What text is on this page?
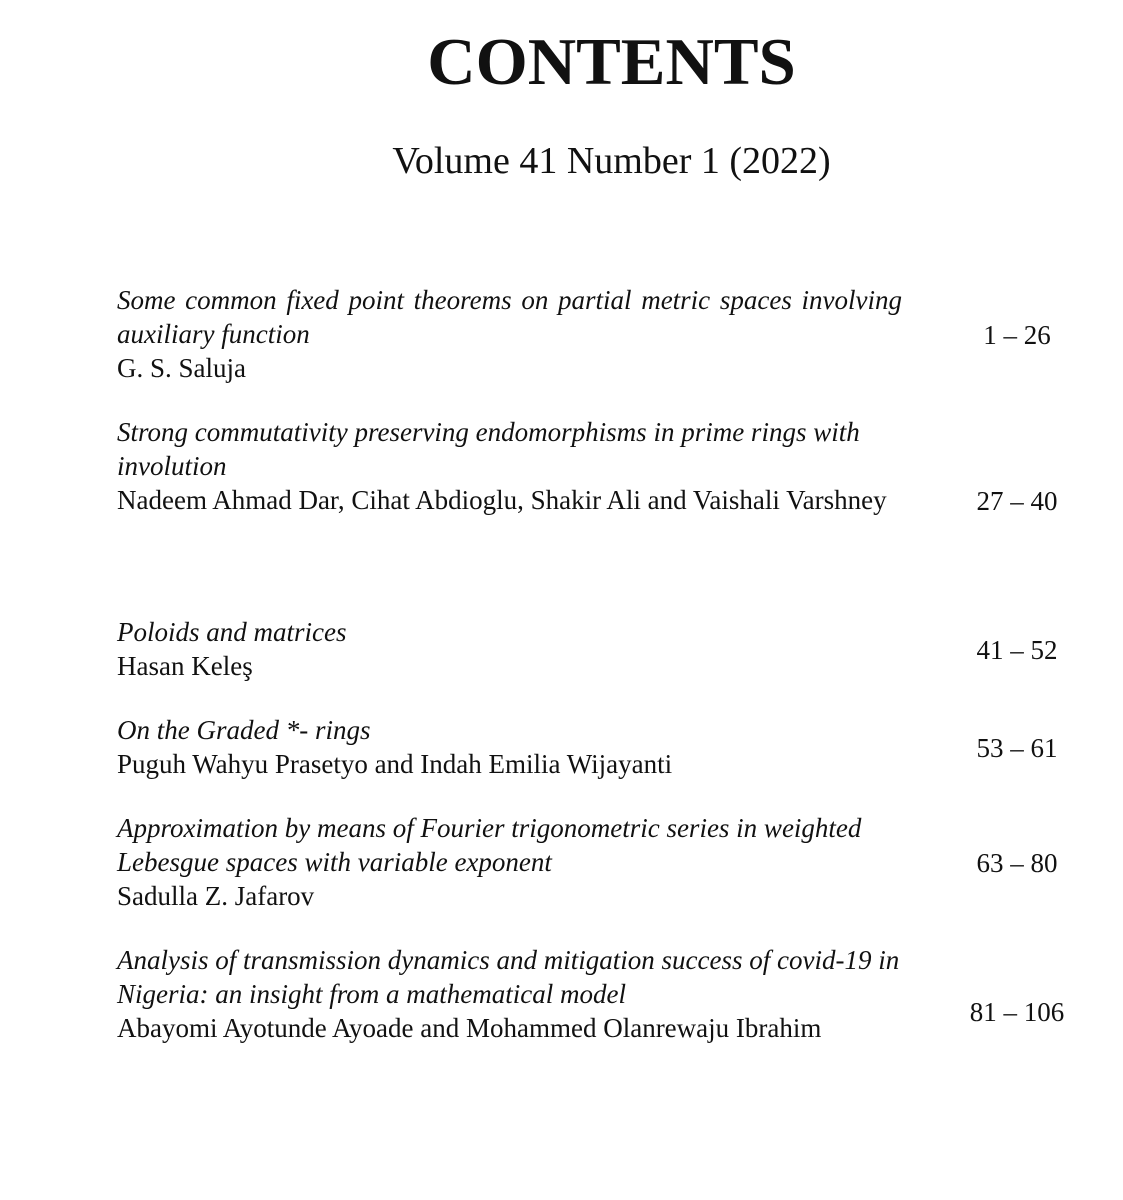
CONTENTS
Volume 41 Number 1 (2022)
Some common fixed point theorems on partial metric spaces involving auxiliary function
G. S. Saluja
1 – 26
Strong commutativity preserving endomorphisms in prime rings with involution
Nadeem Ahmad Dar, Cihat Abdioglu, Shakir Ali and Vaishali Varshney	27 – 40
Poloids and matrices
Hasan Keleş
41 – 52
On the Graded *- rings
Puguh Wahyu Prasetyo and Indah Emilia Wijayanti
53 – 61
Approximation by means of Fourier trigonometric series in weighted Lebesgue spaces with variable exponent
Sadulla Z. Jafarov
63 – 80
Analysis of transmission dynamics and mitigation success of covid-19 in Nigeria: an insight from a mathematical model
Abayomi Ayotunde Ayoade and Mohammed Olanrewaju Ibrahim
81 – 106
